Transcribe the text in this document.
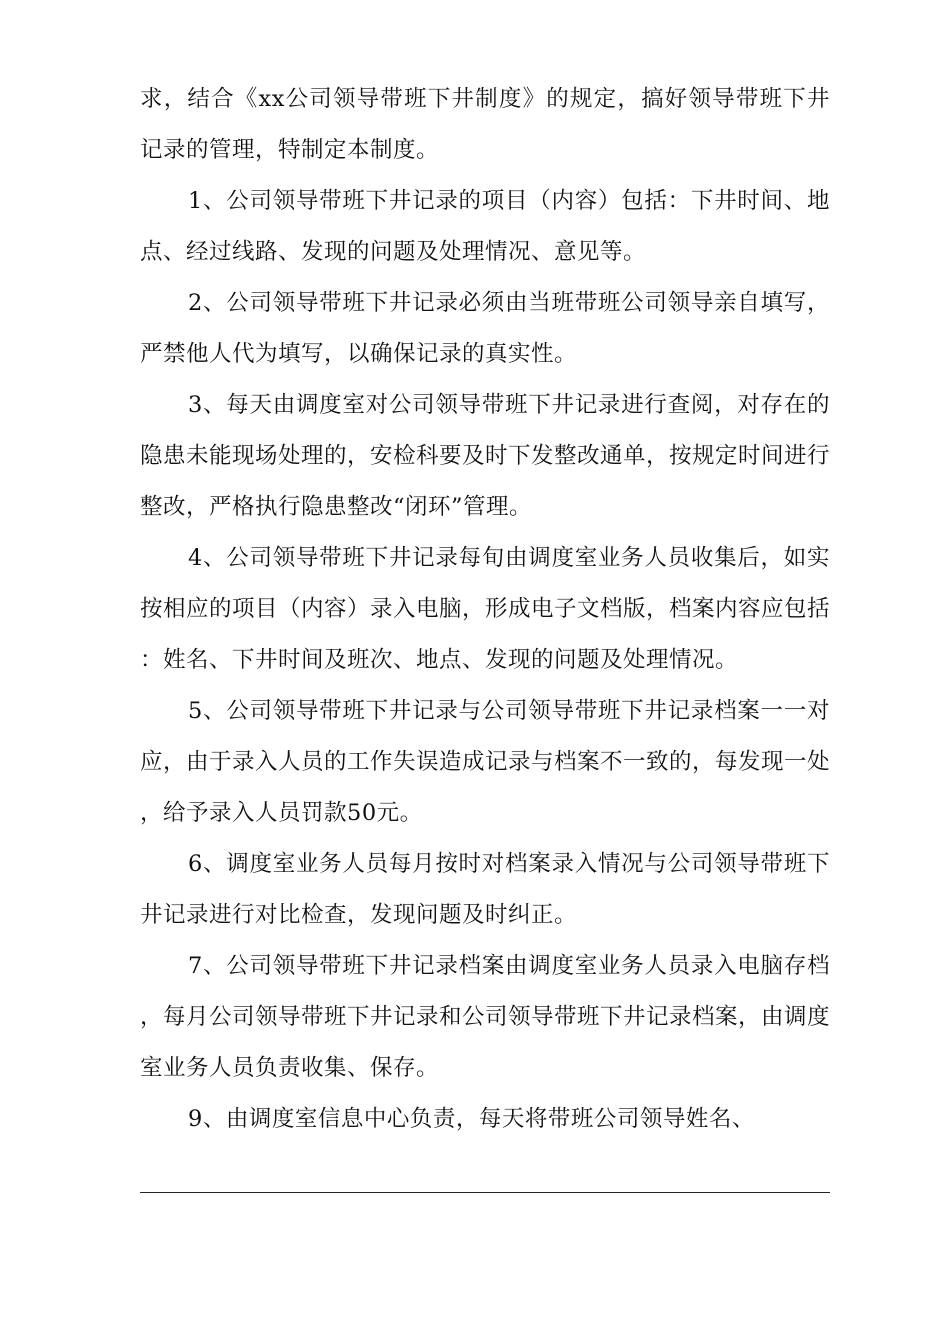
求，结合《xx公司领导带班下井制度》的规定，搞好领导带班下井记录的管理，特制定本制度。

1、公司领导带班下井记录的项目（内容）包括：下井时间、地点、经过线路、发现的问题及处理情况、意见等。

2、公司领导带班下井记录必须由当班带班公司领导亲自填写，严禁他人代为填写，以确保记录的真实性。

3、每天由调度室对公司领导带班下井记录进行查阅，对存在的隐患未能现场处理的，安检科要及时下发整改通单，按规定时间进行整改，严格执行隐患整改“闭环”管理。

4、公司领导带班下井记录每旬由调度室业务人员收集后，如实按相应的项目（内容）录入电脑，形成电子文档版，档案内容应包括：姓名、下井时间及班次、地点、发现的问题及处理情况。

5、公司领导带班下井记录与公司领导带班下井记录档案一一对应，由于录入人员的工作失误造成记录与档案不一致的，每发现一处，给予录入人员罚款50元。

6、调度室业务人员每月按时对档案录入情况与公司领导带班下井记录进行对比检查，发现问题及时纠正。

7、公司领导带班下井记录档案由调度室业务人员录入电脑存档，每月公司领导带班下井记录和公司领导带班下井记录档案，由调度室业务人员负责收集、保存。

9、由调度室信息中心负责，每天将带班公司领导姓名、
